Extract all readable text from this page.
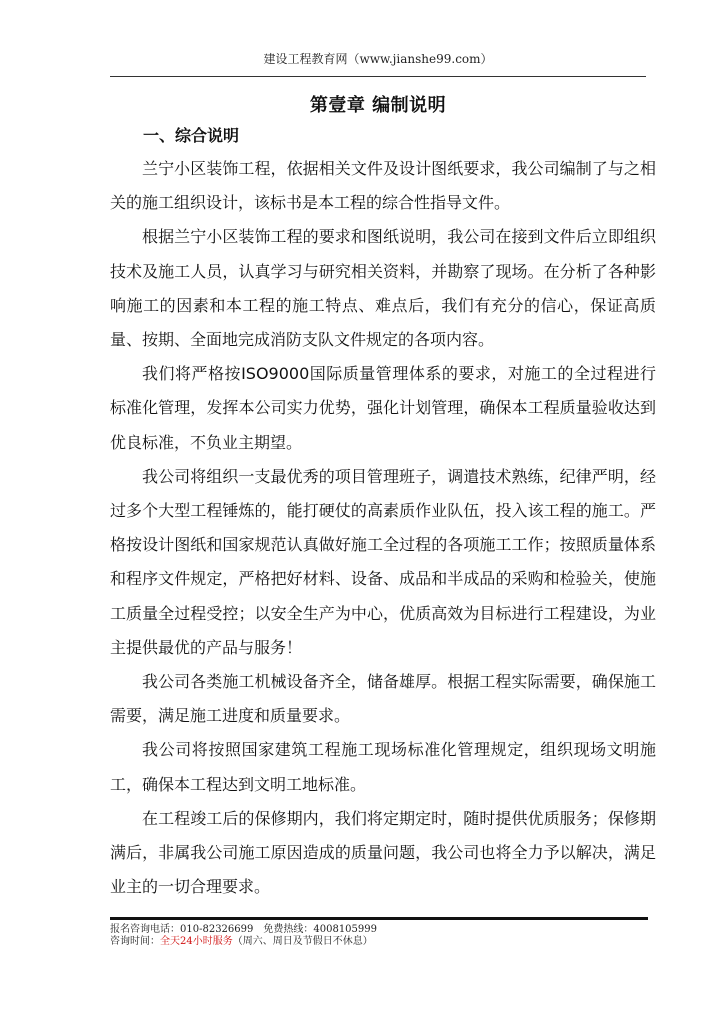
建设工程教育网（www.jianshe99.com）
第壹章 编制说明
一、综合说明

兰宁小区装饰工程，依据相关文件及设计图纸要求，我公司编制了与之相关的施工组织设计，该标书是本工程的综合性指导文件。

根据兰宁小区装饰工程的要求和图纸说明，我公司在接到文件后立即组织技术及施工人员，认真学习与研究相关资料，并勘察了现场。在分析了各种影响施工的因素和本工程的施工特点、难点后，我们有充分的信心，保证高质量、按期、全面地完成消防支队文件规定的各项内容。

我们将严格按ISO9000国际质量管理体系的要求，对施工的全过程进行标准化管理，发挥本公司实力优势，强化计划管理，确保本工程质量验收达到优良标准，不负业主期望。

我公司将组织一支最优秀的项目管理班子，调遣技术熟练，纪律严明，经过多个大型工程锤炼的，能打硬仗的高素质作业队伍，投入该工程的施工。严格按设计图纸和国家规范认真做好施工全过程的各项施工工作；按照质量体系和程序文件规定，严格把好材料、设备、成品和半成品的采购和检验关，使施工质量全过程受控；以安全生产为中心，优质高效为目标进行工程建设，为业主提供最优的产品与服务！

我公司各类施工机械设备齐全，储备雄厚。根据工程实际需要，确保施工需要，满足施工进度和质量要求。

我公司将按照国家建筑工程施工现场标准化管理规定，组织现场文明施工，确保本工程达到文明工地标准。

在工程竣工后的保修期内，我们将定期定时，随时提供优质服务；保修期满后，非属我公司施工原因造成的质量问题，我公司也将全力予以解决，满足业主的一切合理要求。

报名咨询电话：010-82326699 免费热线：4008105999
咨询时间：全天24小时服务（周六、周日及节假日不休息）
